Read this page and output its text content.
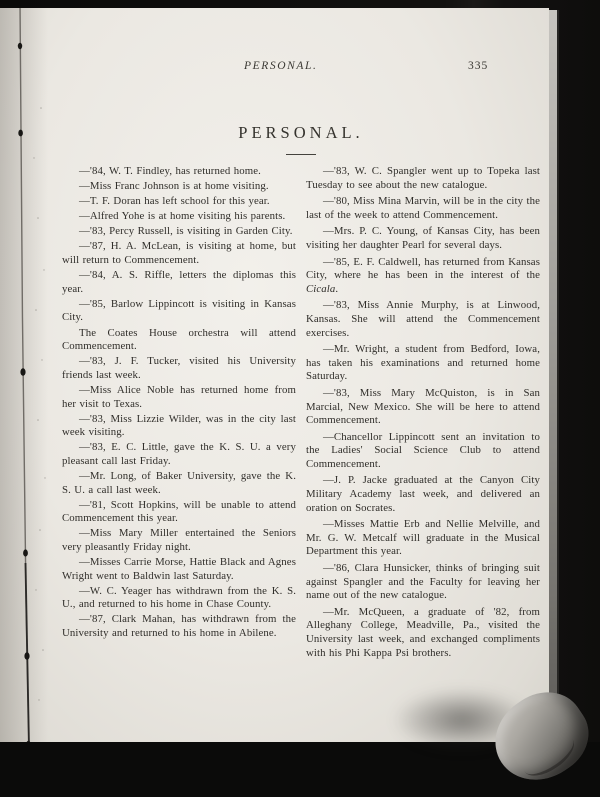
PERSONAL.	335
PERSONAL.

—'84, W. T. Findley, has returned home.

—Miss Franc Johnson is at home visiting.

—T. F. Doran has left school for this year.

—Alfred Yohe is at home visiting his parents.

—'83, Percy Russell, is visiting in Garden City.

—'87, H. A. McLean, is visiting at home, but will return to Commencement.

—'84, A. S. Riffle, letters the diplomas this year.

—'85, Barlow Lippincott is visiting in Kansas City.

The Coates House orchestra will attend Commencement.

—'83, J. F. Tucker, visited his University friends last week.

—Miss Alice Noble has returned home from her visit to Texas.

—'83, Miss Lizzie Wilder, was in the city last week visiting.

—'83, E. C. Little, gave the K. S. U. a very pleasant call last Friday.

—Mr. Long, of Baker University, gave the K. S. U. a call last week.

—'81, Scott Hopkins, will be unable to attend Commencement this year.

—Miss Mary Miller entertained the Seniors very pleasantly Friday night.

—Misses Carrie Morse, Hattie Black and Agnes Wright went to Baldwin last Saturday.

—W. C. Yeager has withdrawn from the K. S. U., and returned to his home in Chase County.

—'87, Clark Mahan, has withdrawn from the University and returned to his home in Abilene.

—'83, W. C. Spangler went up to Topeka last Tuesday to see about the new catalogue.

—'80, Miss Mina Marvin, will be in the city the last of the week to attend Commencement.

—Mrs. P. C. Young, of Kansas City, has been visiting her daughter Pearl for several days.

—'85, E. F. Caldwell, has returned from Kansas City, where he has been in the interest of the Cicala.

—'83, Miss Annie Murphy, is at Linwood, Kansas. She will attend the Commencement exercises.

—Mr. Wright, a student from Bedford, Iowa, has taken his examinations and returned home Saturday.

—'83, Miss Mary McQuiston, is in San Marcial, New Mexico. She will be here to attend Commencement.

—Chancellor Lippincott sent an invitation to the Ladies' Social Science Club to attend Commencement.

—J. P. Jacke graduated at the Canyon City Military Academy last week, and delivered an oration on Socrates.

—Misses Mattie Erb and Nellie Melville, and Mr. G. W. Metcalf will graduate in the Musical Department this year.

—'86, Clara Hunsicker, thinks of bringing suit against Spangler and the Faculty for leaving her name out of the new catalogue.

—Mr. McQueen, a graduate of '82, from Alleghany College, Meadville, Pa., visited the University last week, and exchanged compliments with his Phi Kappa Psi brothers.
